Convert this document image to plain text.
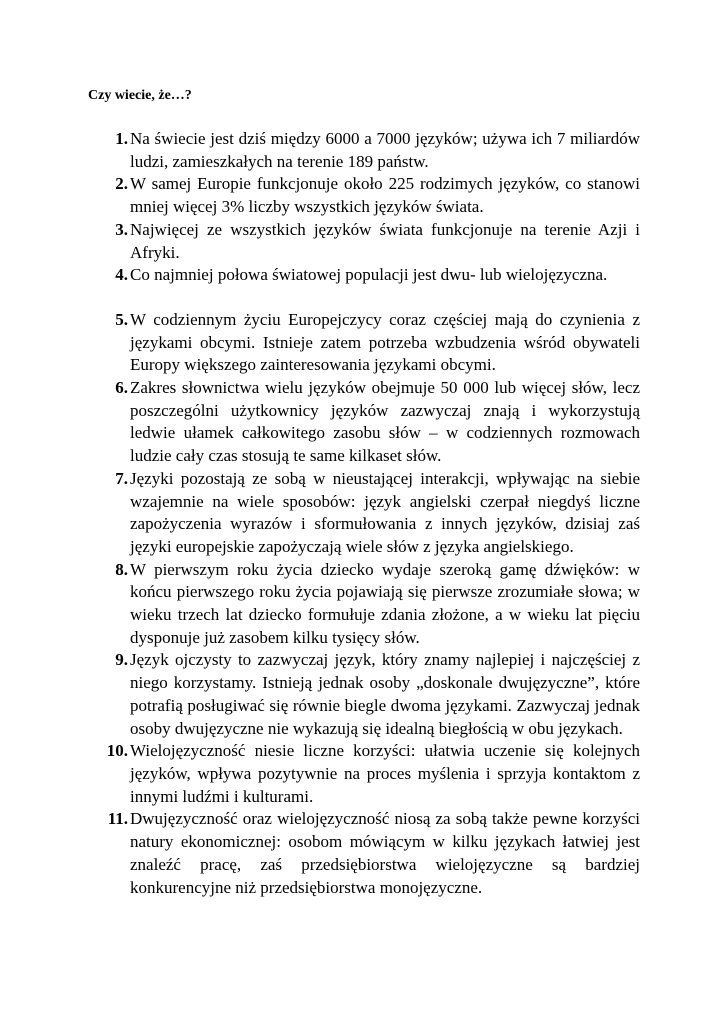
Czy wiecie, że…?
1. Na świecie jest dziś między 6000 a 7000 języków; używa ich 7 miliardów ludzi, zamieszkałych na terenie 189 państw.
2. W samej Europie funkcjonuje około 225 rodzimych języków, co stanowi mniej więcej 3% liczby wszystkich języków świata.
3. Najwięcej ze wszystkich języków świata funkcjonuje na terenie Azji i Afryki.
4. Co najmniej połowa światowej populacji jest dwu- lub wielojęzyczna.
5. W codziennym życiu Europejczycy coraz częściej mają do czynienia z językami obcymi. Istnieje zatem potrzeba wzbudzenia wśród obywateli Europy większego zainteresowania językami obcymi.
6. Zakres słownictwa wielu języków obejmuje 50 000 lub więcej słów, lecz poszczególni użytkownicy języków zazwyczaj znają i wykorzystują ledwie ułamek całkowitego zasobu słów – w codziennych rozmowach ludzie cały czas stosują te same kilkaset słów.
7. Języki pozostają ze sobą w nieustającej interakcji, wpływając na siebie wzajemnie na wiele sposobów: język angielski czerpał niegdyś liczne zapożyczenia wyrazów i sformułowania z innych języków, dzisiaj zaś języki europejskie zapożyczają wiele słów z języka angielskiego.
8. W pierwszym roku życia dziecko wydaje szeroką gamę dźwięków: w końcu pierwszego roku życia pojawiają się pierwsze zrozumiałe słowa; w wieku trzech lat dziecko formułuje zdania złożone, a w wieku lat pięciu dysponuje już zasobem kilku tysięcy słów.
9. Język ojczysty to zazwyczaj język, który znamy najlepiej i najczęściej z niego korzystamy. Istnieją jednak osoby „doskonale dwujęzyczne”, które potrafią posługiwać się równie biegle dwoma językami. Zazwyczaj jednak osoby dwujęzyczne nie wykazują się idealną biegłością w obu językach.
10. Wielojęzyczność niesie liczne korzyści: ułatwia uczenie się kolejnych języków, wpływa pozytywnie na proces myślenia i sprzyja kontaktom z innymi ludźmi i kulturami.
11. Dwujęzyczność oraz wielojęzyczność niosą za sobą także pewne korzyści natury ekonomicznej: osobom mówiącym w kilku językach łatwiej jest znaleźć pracę, zaś przedsiębiorstwa wielojęzyczne są bardziej konkurencyjne niż przedsiębiorstwa monojęzyczne.
